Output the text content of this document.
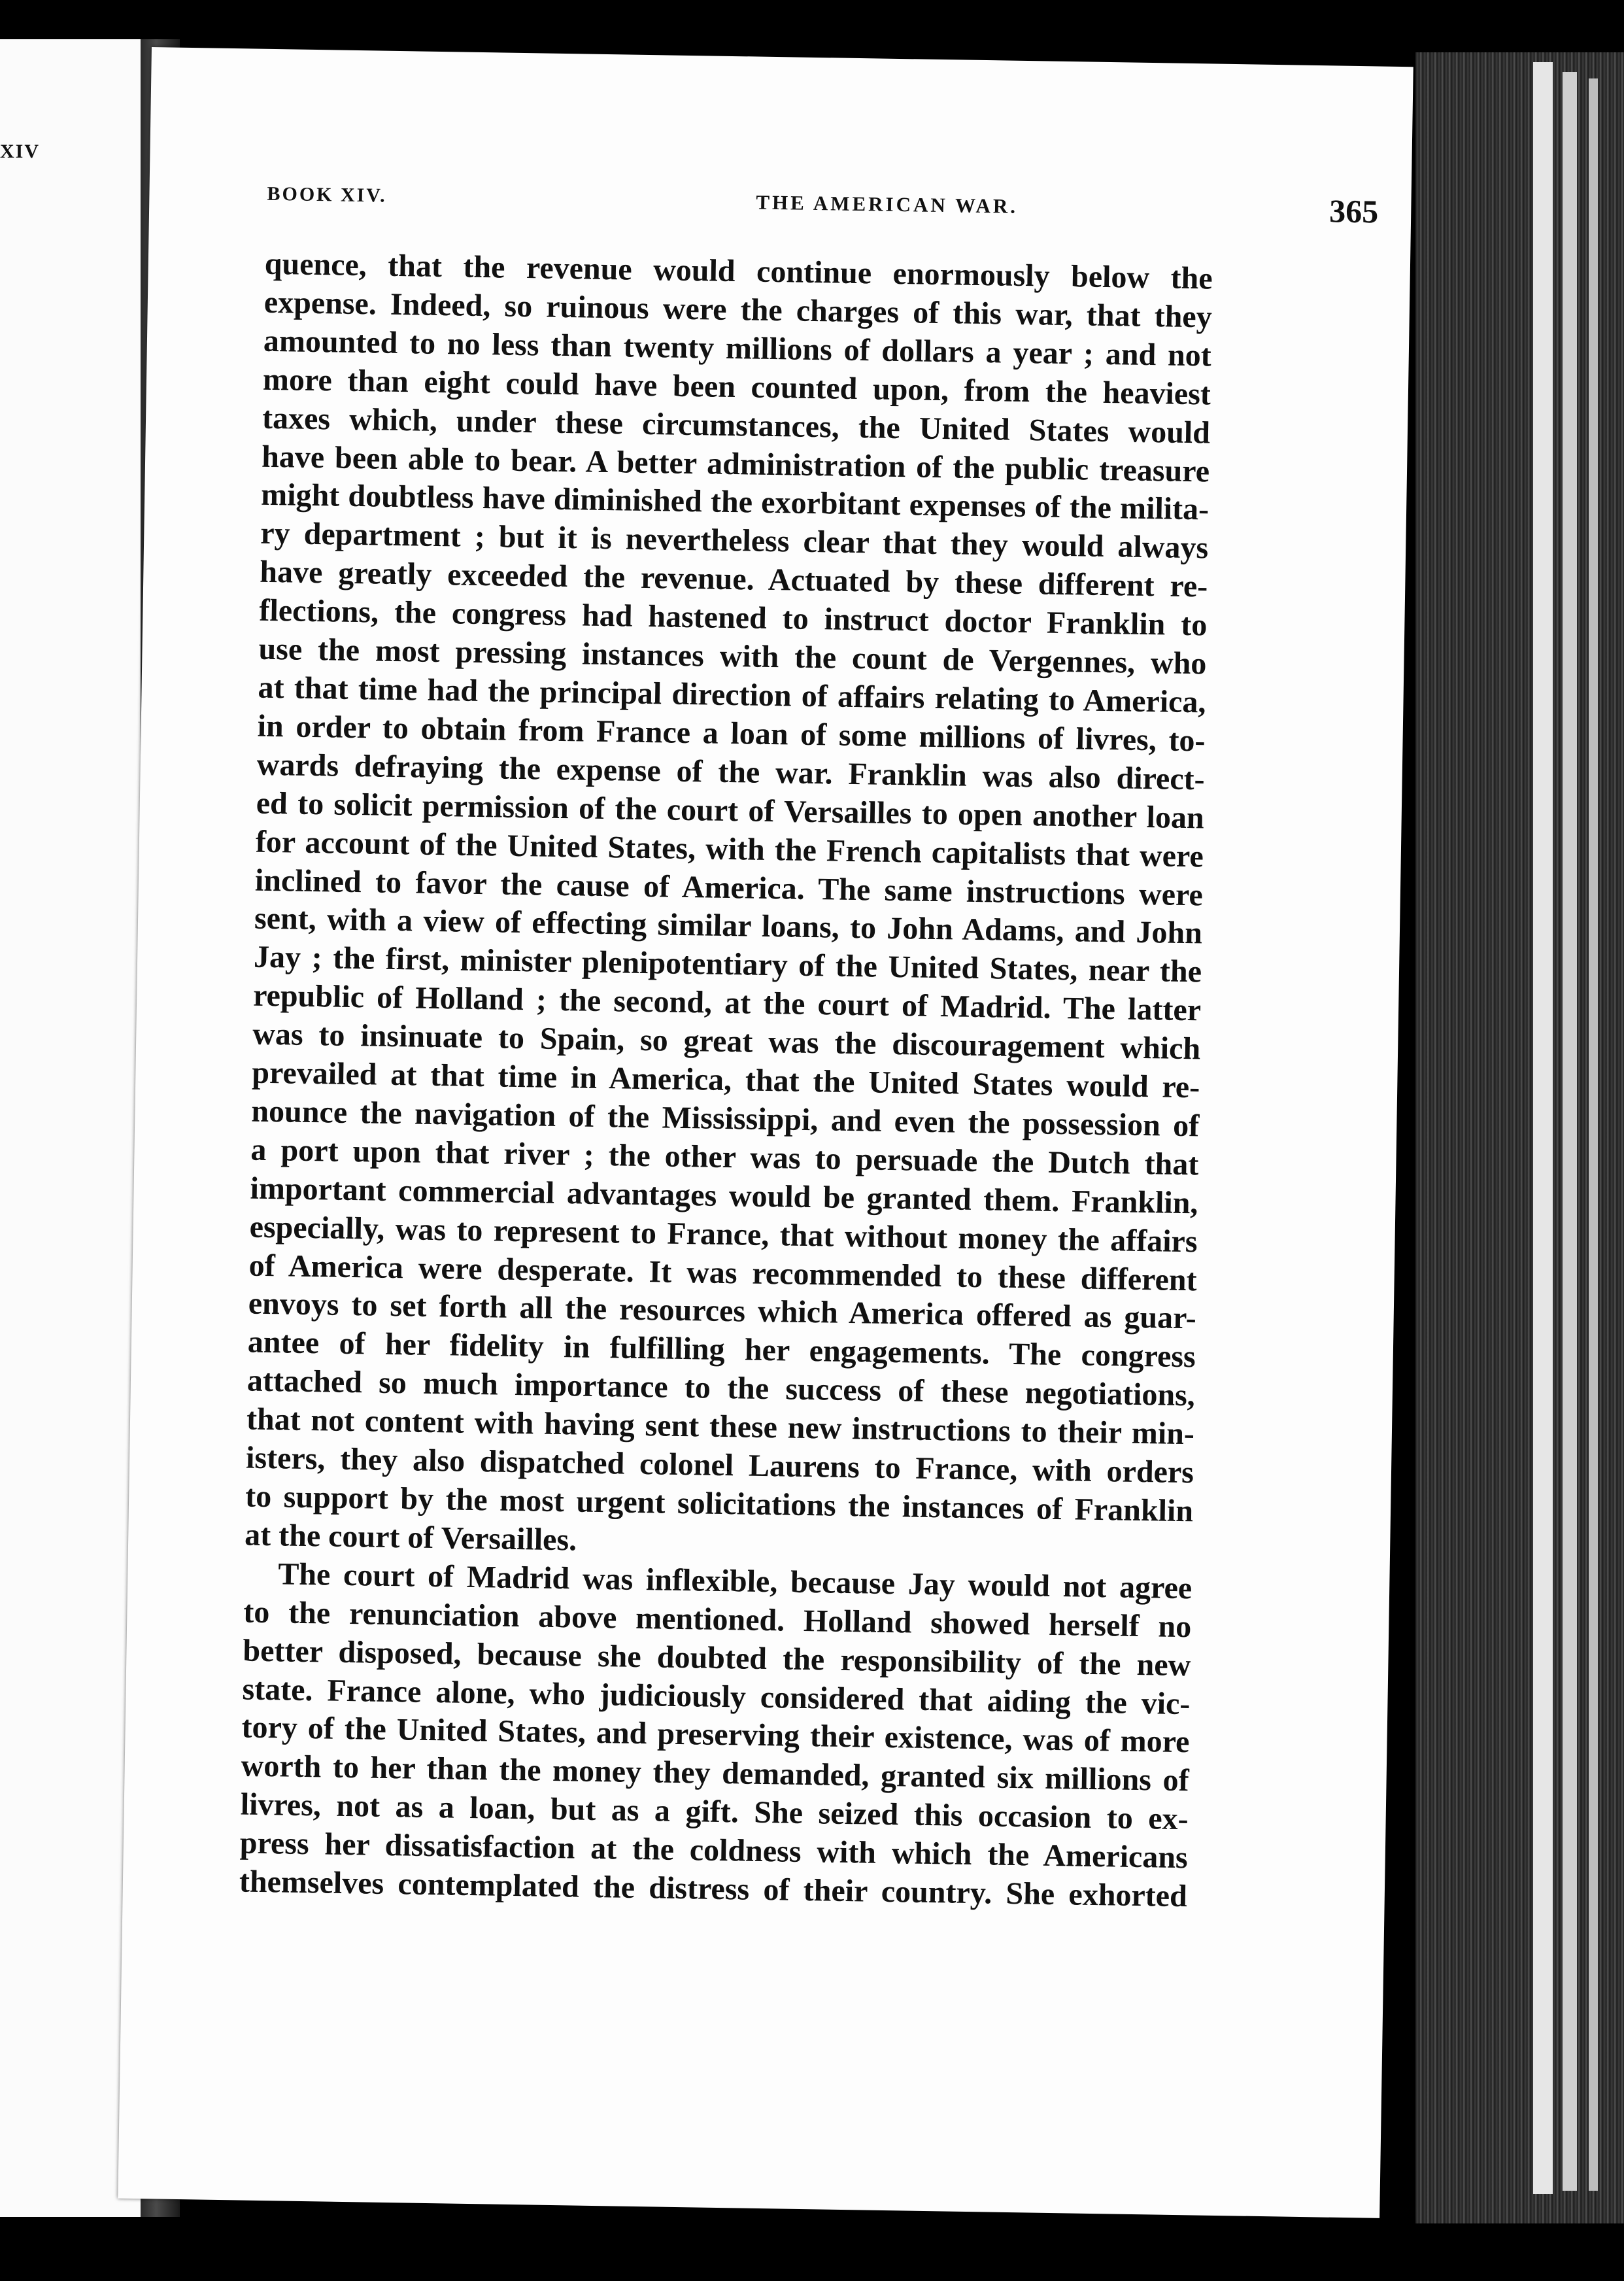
XIV
BOOK XIV.	THE AMERICAN WAR.	365

quence, that the revenue would continue enormously below the
expense. Indeed, so ruinous were the charges of this war, that they
amounted to no less than twenty millions of dollars a year ; and not
more than eight could have been counted upon, from the heaviest
taxes which, under these circumstances, the United States would
have been able to bear. A better administration of the public treasure
might doubtless have diminished the exorbitant expenses of the milita-
ry department ; but it is nevertheless clear that they would always
have greatly exceeded the revenue. Actuated by these different re-
flections, the congress had hastened to instruct doctor Franklin to
use the most pressing instances with the count de Vergennes, who
at that time had the principal direction of affairs relating to America,
in order to obtain from France a loan of some millions of livres, to-
wards defraying the expense of the war. Franklin was also direct-
ed to solicit permission of the court of Versailles to open another loan
for account of the United States, with the French capitalists that were
inclined to favor the cause of America. The same instructions were
sent, with a view of effecting similar loans, to John Adams, and John
Jay ; the first, minister plenipotentiary of the United States, near the
republic of Holland ; the second, at the court of Madrid. The latter
was to insinuate to Spain, so great was the discouragement which
prevailed at that time in America, that the United States would re-
nounce the navigation of the Mississippi, and even the possession of
a port upon that river ; the other was to persuade the Dutch that
important commercial advantages would be granted them. Franklin,
especially, was to represent to France, that without money the affairs
of America were desperate. It was recommended to these different
envoys to set forth all the resources which America offered as guar-
antee of her fidelity in fulfilling her engagements. The congress
attached so much importance to the success of these negotiations,
that not content with having sent these new instructions to their min-
isters, they also dispatched colonel Laurens to France, with orders
to support by the most urgent solicitations the instances of Franklin
at the court of Versailles.

The court of Madrid was inflexible, because Jay would not agree
to the renunciation above mentioned. Holland showed herself no
better disposed, because she doubted the responsibility of the new
state. France alone, who judiciously considered that aiding the vic-
tory of the United States, and preserving their existence, was of more
worth to her than the money they demanded, granted six millions of
livres, not as a loan, but as a gift. She seized this occasion to ex-
press her dissatisfaction at the coldness with which the Americans
themselves contemplated the distress of their country. She exhorted
